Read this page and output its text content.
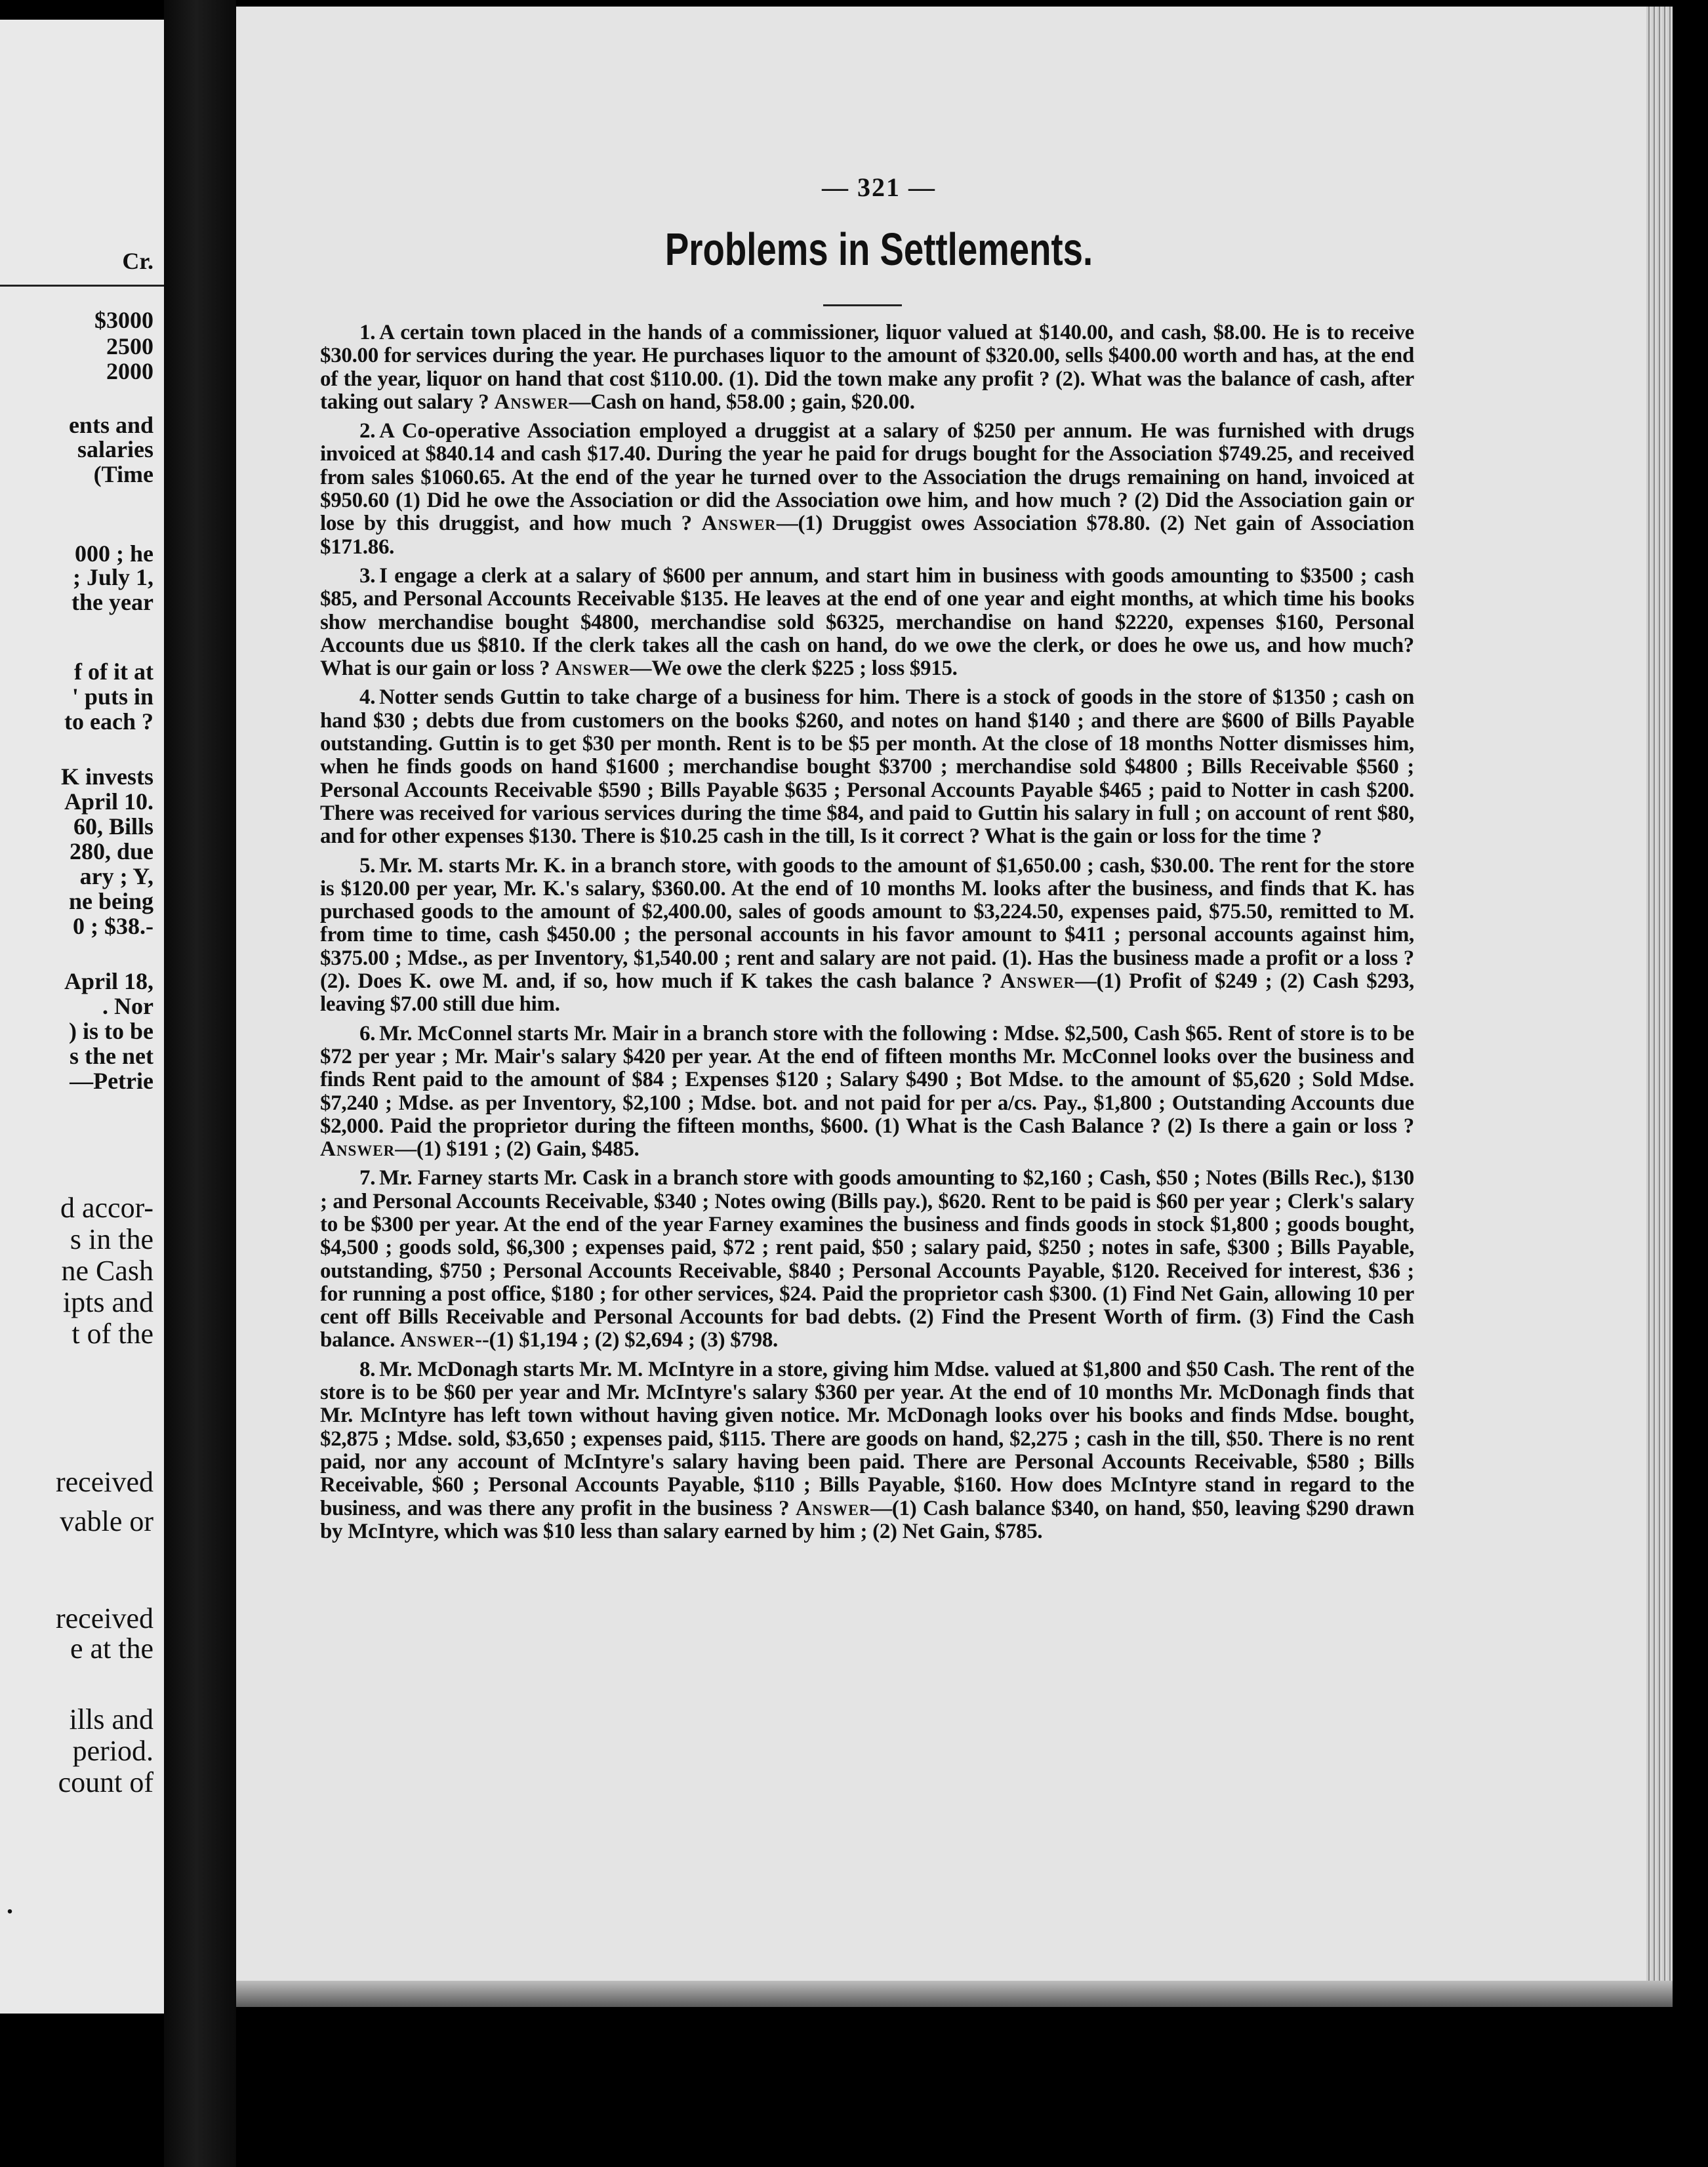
Cr.
$3000
2500
2000
ents and
salaries
(Time
000 ; he
; July 1,
the year
f of it at
' puts in
to each ?
K invests
April 10.
60, Bills
280, due
ary ; Y,
ne being
0 ; $38.-
April 18,
. Nor
) is to be
s the net
—Petrie
d accor-
s in the
ne Cash
ipts and
t of the
received
vable or
received
e at the
ills and
period.
count of
.
— 321 —
Problems in Settlements.

1. A certain town placed in the hands of a commissioner, liquor valued at $140.00, and cash, $8.00. He is to receive $30.00 for services during the year. He purchases liquor to the amount of $320.00, sells $400.00 worth and has, at the end of the year, liquor on hand that cost $110.00. (1). Did the town make any profit ? (2). What was the balance of cash, after taking out salary ? Answer—Cash on hand, $58.00 ; gain, $20.00.

2. A Co-operative Association employed a druggist at a salary of $250 per annum. He was furnished with drugs invoiced at $840.14 and cash $17.40. During the year he paid for drugs bought for the Association $749.25, and received from sales $1060.65. At the end of the year he turned over to the Association the drugs remaining on hand, invoiced at $950.60 (1) Did he owe the Association or did the Association owe him, and how much ? (2) Did the Association gain or lose by this druggist, and how much ? Answer—(1) Druggist owes Association $78.80. (2) Net gain of Association $171.86.

3. I engage a clerk at a salary of $600 per annum, and start him in business with goods amounting to $3500 ; cash $85, and Personal Accounts Receivable $135. He leaves at the end of one year and eight months, at which time his books show merchandise bought $4800, merchandise sold $6325, merchandise on hand $2220, expenses $160, Personal Accounts due us $810. If the clerk takes all the cash on hand, do we owe the clerk, or does he owe us, and how much? What is our gain or loss ? Answer—We owe the clerk $225 ; loss $915.

4. Notter sends Guttin to take charge of a business for him. There is a stock of goods in the store of $1350 ; cash on hand $30 ; debts due from customers on the books $260, and notes on hand $140 ; and there are $600 of Bills Payable outstanding. Guttin is to get $30 per month. Rent is to be $5 per month. At the close of 18 months Notter dismisses him, when he finds goods on hand $1600 ; merchandise bought $3700 ; merchandise sold $4800 ; Bills Receivable $560 ; Personal Accounts Receivable $590 ; Bills Payable $635 ; Personal Accounts Payable $465 ; paid to Notter in cash $200. There was received for various services during the time $84, and paid to Guttin his salary in full ; on account of rent $80, and for other expenses $130. There is $10.25 cash in the till, Is it correct ? What is the gain or loss for the time ?

5. Mr. M. starts Mr. K. in a branch store, with goods to the amount of $1,650.00 ; cash, $30.00. The rent for the store is $120.00 per year, Mr. K.'s salary, $360.00. At the end of 10 months M. looks after the business, and finds that K. has purchased goods to the amount of $2,400.00, sales of goods amount to $3,224.50, expenses paid, $75.50, remitted to M. from time to time, cash $450.00 ; the personal accounts in his favor amount to $411 ; personal accounts against him, $375.00 ; Mdse., as per Inventory, $1,540.00 ; rent and salary are not paid. (1). Has the business made a profit or a loss ? (2). Does K. owe M. and, if so, how much if K takes the cash balance ? Answer—(1) Profit of $249 ; (2) Cash $293, leaving $7.00 still due him.

6. Mr. McConnel starts Mr. Mair in a branch store with the following : Mdse. $2,500, Cash $65. Rent of store is to be $72 per year ; Mr. Mair's salary $420 per year. At the end of fifteen months Mr. McConnel looks over the business and finds Rent paid to the amount of $84 ; Expenses $120 ; Salary $490 ; Bot Mdse. to the amount of $5,620 ; Sold Mdse. $7,240 ; Mdse. as per Inventory, $2,100 ; Mdse. bot. and not paid for per a/cs. Pay., $1,800 ; Outstanding Accounts due $2,000. Paid the proprietor during the fifteen months, $600. (1) What is the Cash Balance ? (2) Is there a gain or loss ? Answer—(1) $191 ; (2) Gain, $485.

7. Mr. Farney starts Mr. Cask in a branch store with goods amounting to $2,160 ; Cash, $50 ; Notes (Bills Rec.), $130 ; and Personal Accounts Receivable, $340 ; Notes owing (Bills pay.), $620. Rent to be paid is $60 per year ; Clerk's salary to be $300 per year. At the end of the year Farney examines the business and finds goods in stock $1,800 ; goods bought, $4,500 ; goods sold, $6,300 ; expenses paid, $72 ; rent paid, $50 ; salary paid, $250 ; notes in safe, $300 ; Bills Payable, outstanding, $750 ; Personal Accounts Receivable, $840 ; Personal Accounts Payable, $120. Received for interest, $36 ; for running a post office, $180 ; for other services, $24. Paid the proprietor cash $300. (1) Find Net Gain, allowing 10 per cent off Bills Receivable and Personal Accounts for bad debts. (2) Find the Present Worth of firm. (3) Find the Cash balance. Answer--(1) $1,194 ; (2) $2,694 ; (3) $798.

8. Mr. McDonagh starts Mr. M. McIntyre in a store, giving him Mdse. valued at $1,800 and $50 Cash. The rent of the store is to be $60 per year and Mr. McIntyre's salary $360 per year. At the end of 10 months Mr. McDonagh finds that Mr. McIntyre has left town without having given notice. Mr. McDonagh looks over his books and finds Mdse. bought, $2,875 ; Mdse. sold, $3,650 ; expenses paid, $115. There are goods on hand, $2,275 ; cash in the till, $50. There is no rent paid, nor any account of McIntyre's salary having been paid. There are Personal Accounts Receivable, $580 ; Bills Receivable, $60 ; Personal Accounts Payable, $110 ; Bills Payable, $160. How does McIntyre stand in regard to the business, and was there any profit in the business ? Answer—(1) Cash balance $340, on hand, $50, leaving $290 drawn by McIntyre, which was $10 less than salary earned by him ; (2) Net Gain, $785.
